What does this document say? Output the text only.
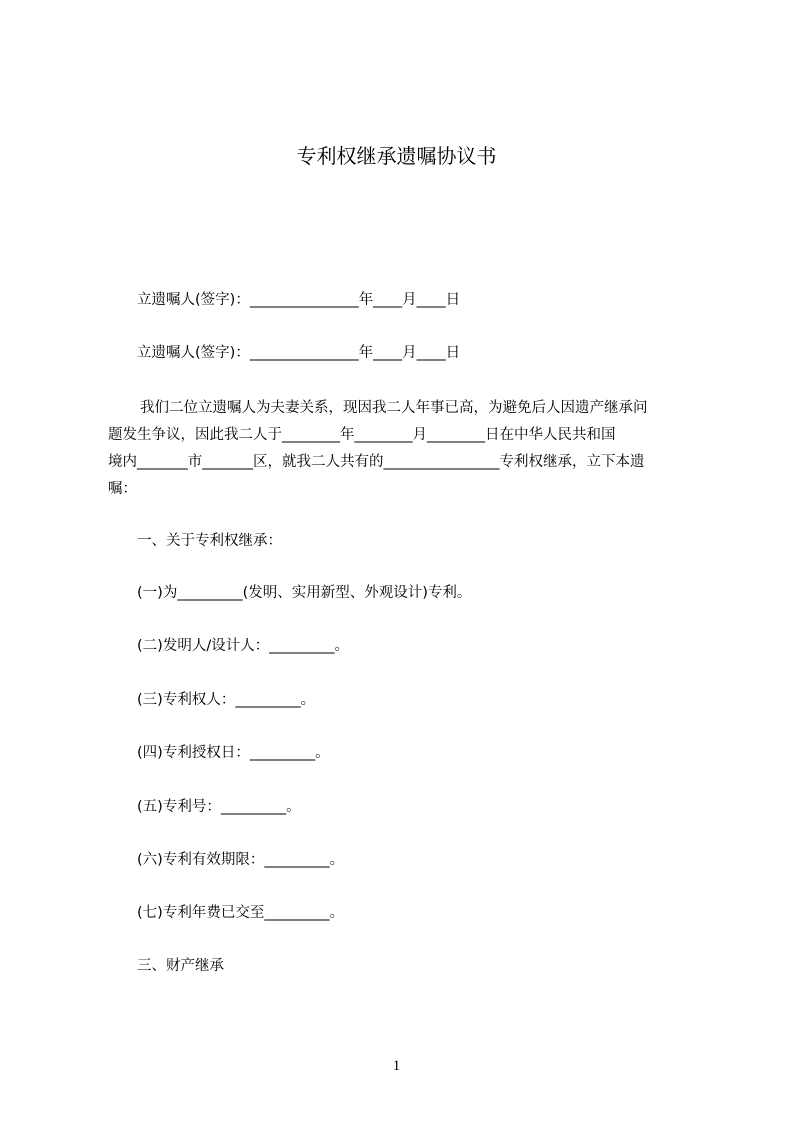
专利权继承遗嘱协议书
立遗嘱人(签字)：_______________年____月____日
立遗嘱人(签字)：_______________年____月____日
我们二位立遗嘱人为夫妻关系，现因我二人年事已高，为避免后人因遗产继承问
题发生争议，因此我二人于________年________月________日在中华人民共和国
境内_______市_______区，就我二人共有的________________专利权继承，立下本遗
嘱：
一、关于专利权继承：
(一)为_________(发明、实用新型、外观设计)专利。
(二)发明人/设计人：_________。
(三)专利权人：_________。
(四)专利授权日：_________。
(五)专利号：_________。
(六)专利有效期限：_________。
(七)专利年费已交至_________。
三、财产继承
1
